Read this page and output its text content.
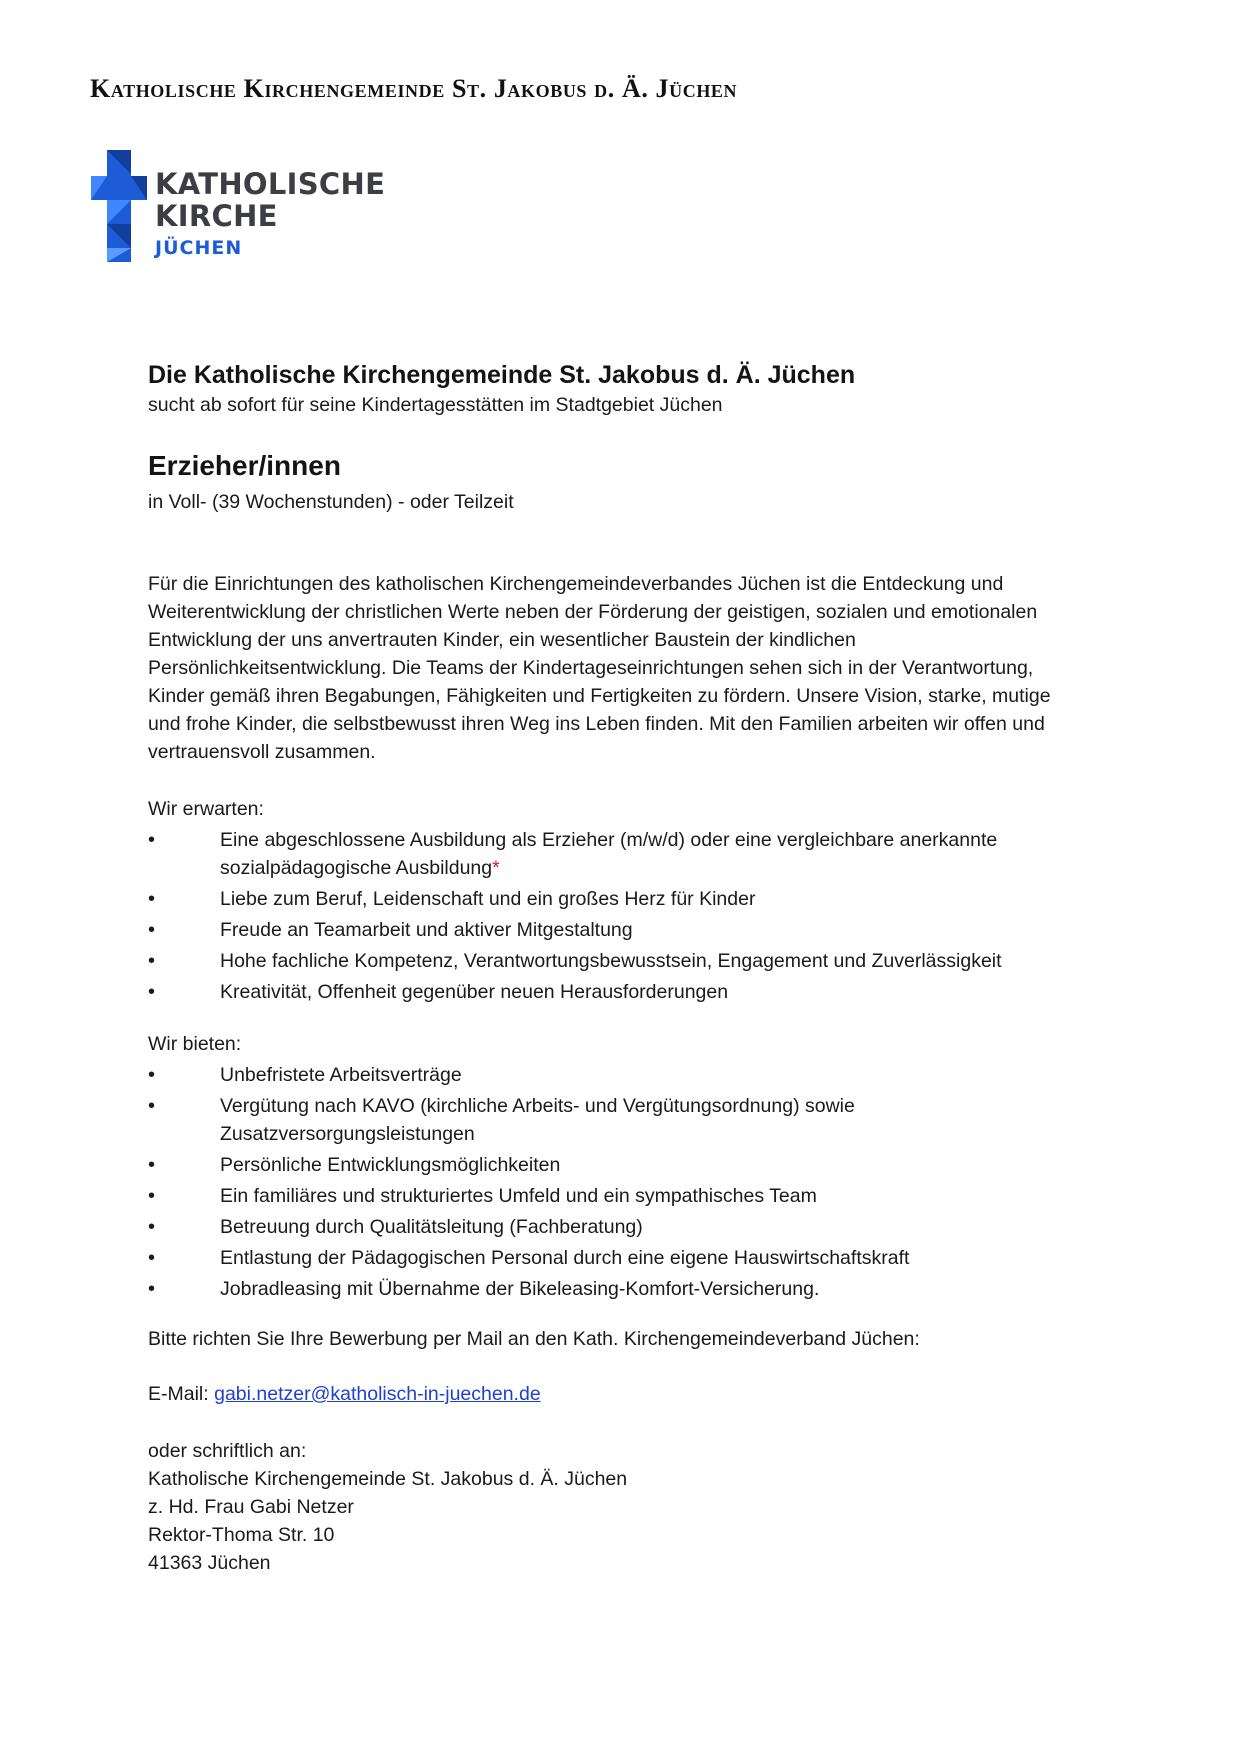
Katholische Kirchengemeinde St. Jakobus d. Ä. Jüchen
KATHOLISCHE
KIRCHE
JÜCHEN
Die Katholische Kirchengemeinde St. Jakobus d. Ä. Jüchen
sucht ab sofort für seine Kindertagesstätten im Stadtgebiet Jüchen
Erzieher/innen
in Voll- (39 Wochenstunden) - oder Teilzeit

Für die Einrichtungen des katholischen Kirchengemeindeverbandes Jüchen ist die Entdeckung und Weiterentwicklung der christlichen Werte neben der Förderung der geistigen, sozialen und emotionalen Entwicklung der uns anvertrauten Kinder, ein wesentlicher Baustein der kindlichen Persönlichkeitsentwicklung. Die Teams der Kindertageseinrichtungen sehen sich in der Verantwortung, Kinder gemäß ihren Begabungen, Fähigkeiten und Fertigkeiten zu fördern. Unsere Vision, starke, mutige und frohe Kinder, die selbstbewusst ihren Weg ins Leben finden. Mit den Familien arbeiten wir offen und vertrauensvoll zusammen.

Wir erwarten:

•	Eine abgeschlossene Ausbildung als Erzieher (m/w/d) oder eine vergleichbare anerkannte sozialpädagogische Ausbildung*
•	Liebe zum Beruf, Leidenschaft und ein großes Herz für Kinder
•	Freude an Teamarbeit und aktiver Mitgestaltung
•	Hohe fachliche Kompetenz, Verantwortungsbewusstsein, Engagement und Zuverlässigkeit
•	Kreativität, Offenheit gegenüber neuen Herausforderungen

Wir bieten:

•	Unbefristete Arbeitsverträge
•	Vergütung nach KAVO (kirchliche Arbeits- und Vergütungsordnung) sowie Zusatzversorgungsleistungen
•	Persönliche Entwicklungsmöglichkeiten
•	Ein familiäres und strukturiertes Umfeld und ein sympathisches Team
•	Betreuung durch Qualitätsleitung (Fachberatung)
•	Entlastung der Pädagogischen Personal durch eine eigene Hauswirtschaftskraft
•	Jobradleasing mit Übernahme der Bikeleasing-Komfort-Versicherung.
Bitte richten Sie Ihre Bewerbung per Mail an den Kath. Kirchengemeindeverband Jüchen:
E-Mail: gabi.netzer@katholisch-in-juechen.de
oder schriftlich an:
Katholische Kirchengemeinde St. Jakobus d. Ä. Jüchen
z. Hd. Frau Gabi Netzer
Rektor-Thoma Str. 10
41363 Jüchen
